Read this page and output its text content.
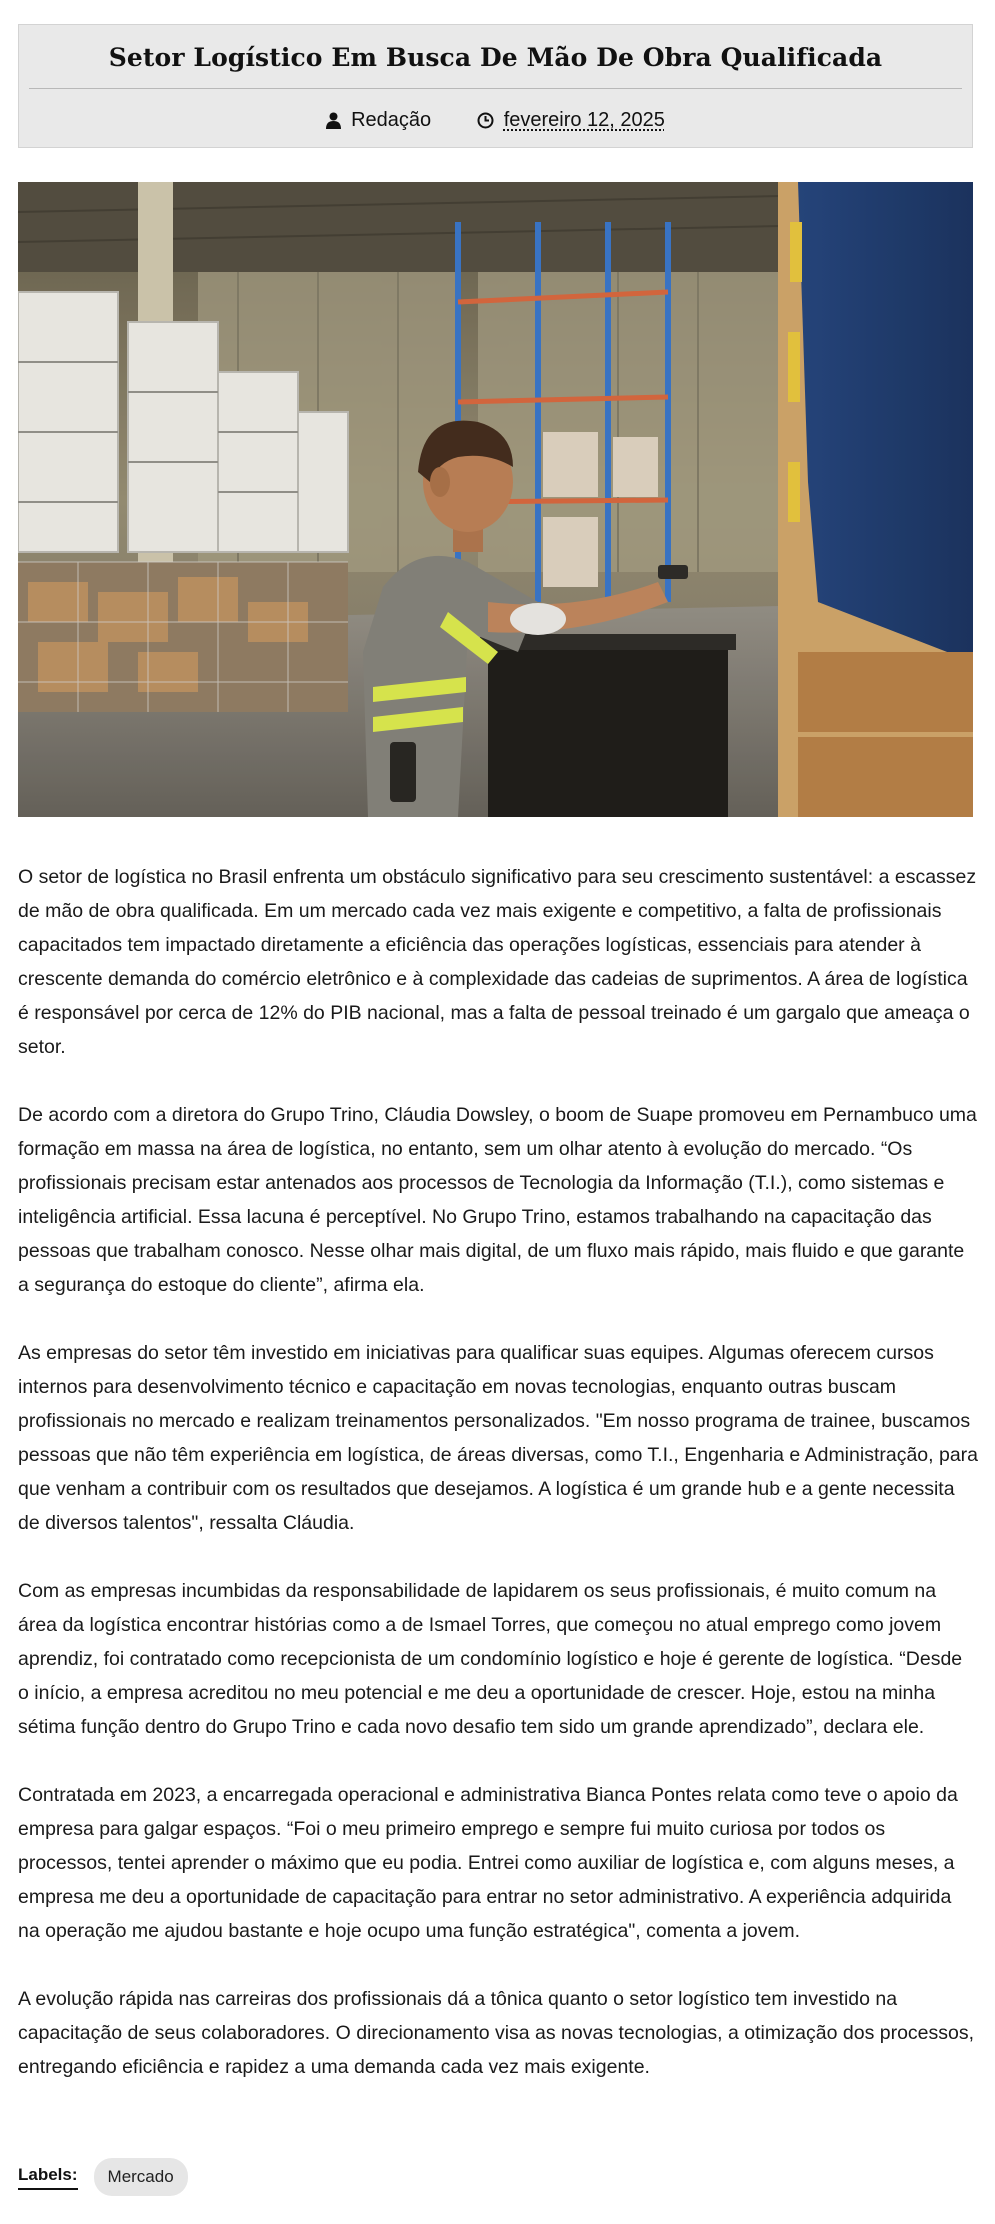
Setor Logístico Em Busca De Mão De Obra Qualificada
Redação
	fevereiro 12, 2025

O setor de logística no Brasil enfrenta um obstáculo significativo para seu crescimento sustentável: a escassez de mão de obra qualificada. Em um mercado cada vez mais exigente e competitivo, a falta de profissionais capacitados tem impactado diretamente a eficiência das operações logísticas, essenciais para atender à crescente demanda do comércio eletrônico e à complexidade das cadeias de suprimentos. A área de logística é responsável por cerca de 12% do PIB nacional, mas a falta de pessoal treinado é um gargalo que ameaça o setor.

De acordo com a diretora do Grupo Trino, Cláudia Dowsley, o boom de Suape promoveu em Pernambuco uma formação em massa na área de logística, no entanto, sem um olhar atento à evolução do mercado. “Os profissionais precisam estar antenados aos processos de Tecnologia da Informação (T.I.), como sistemas e inteligência artificial. Essa lacuna é perceptível. No Grupo Trino, estamos trabalhando na capacitação das pessoas que trabalham conosco. Nesse olhar mais digital, de um fluxo mais rápido, mais fluido e que garante a segurança do estoque do cliente”, afirma ela.

As empresas do setor têm investido em iniciativas para qualificar suas equipes. Algumas oferecem cursos internos para desenvolvimento técnico e capacitação em novas tecnologias, enquanto outras buscam profissionais no mercado e realizam treinamentos personalizados. "Em nosso programa de trainee, buscamos pessoas que não têm experiência em logística, de áreas diversas, como T.I., Engenharia e Administração, para que venham a contribuir com os resultados que desejamos. A logística é um grande hub e a gente necessita de diversos talentos", ressalta Cláudia.

Com as empresas incumbidas da responsabilidade de lapidarem os seus profissionais, é muito comum na área da logística encontrar histórias como a de Ismael Torres, que começou no atual emprego como jovem aprendiz, foi contratado como recepcionista de um condomínio logístico e hoje é gerente de logística. “Desde o início, a empresa acreditou no meu potencial e me deu a oportunidade de crescer. Hoje, estou na minha sétima função dentro do Grupo Trino e cada novo desafio tem sido um grande aprendizado”, declara ele.

Contratada em 2023, a encarregada operacional e administrativa Bianca Pontes relata como teve o apoio da empresa para galgar espaços. “Foi o meu primeiro emprego e sempre fui muito curiosa por todos os processos, tentei aprender o máximo que eu podia. Entrei como auxiliar de logística e, com alguns meses, a empresa me deu a oportunidade de capacitação para entrar no setor administrativo. A experiência adquirida na operação me ajudou bastante e hoje ocupo uma função estratégica", comenta a jovem.

A evolução rápida nas carreiras dos profissionais dá a tônica quanto o setor logístico tem investido na capacitação de seus colaboradores. O direcionamento visa as novas tecnologias, a otimização dos processos, entregando eficiência e rapidez a uma demanda cada vez mais exigente.

Labels:	Mercado
